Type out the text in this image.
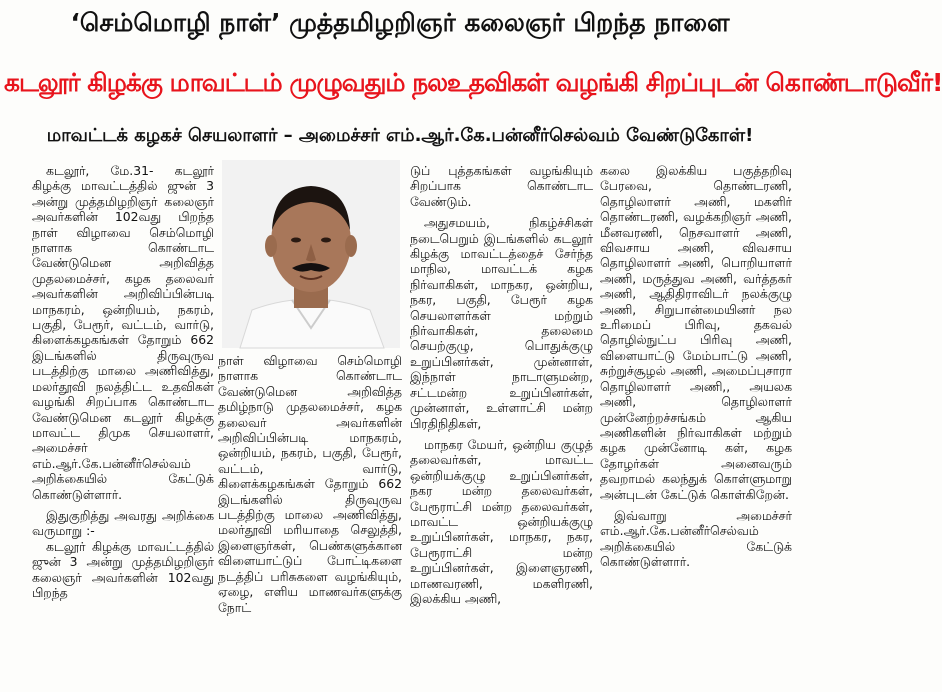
‘செம்மொழி நாள்’ முத்தமிழறிஞர் கலைஞர் பிறந்த நாளை
கடலூர் கிழக்கு மாவட்டம் முழுவதும் நலஉதவிகள் வழங்கி சிறப்புடன் கொண்டாடுவீர்!
மாவட்டக் கழகச் செயலாளர் – அமைச்சர் எம்.ஆர்.கே.பன்னீர்செல்வம் வேண்டுகோள்!

கடலூர், மே.31- கடலூர் கிழக்கு மாவட்டத்தில் ஜுன் 3 அன்று முத்தமிழறிஞர் கலைஞர் அவர்களின் 102வது பிறந்த நாள் விழாவை செம்மொழி நாளாக கொண்டாட வேண்டுமென அறிவித்த முதலமைச்சர், கழக தலைவர் அவர்களின் அறிவிப்பின்படி மாநகரம், ஒன்றியம், நகரம், பகுதி, பேரூர், வட்டம், வார்டு, கிளைக்கழகங்கள் தோறும் 662 இடங்களில் திருவுருவ படத்திற்கு மாலை அணிவித்து, மலர்தூவி நலத்திட்ட உதவிகள் வழங்கி சிறப்பாக கொண்டாட வேண்டுமென கடலூர் கிழக்கு மாவட்ட திமுக செயலாளர், அமைச்சர் எம்.ஆர்.கே.பன்னீர்செல்வம் அறிக்கையில் கேட்டுக் கொண்டுள்ளார்.

இதுகுறித்து அவரது அறிக்கை வருமாறு :-

கடலூர் கிழக்கு மாவட்டத்தில் ஜுன் 3 அன்று முத்தமிழறிஞர் கலைஞர் அவர்களின் 102வது பிறந்த

நாள் விழாவை செம்மொழி நாளாக கொண்டாட வேண்டுமென அறிவித்த தமிழ்நாடு முதலமைச்சர், கழக தலைவர் அவர்களின் அறிவிப்பின்படி மாநகரம், ஒன்றியம், நகரம், பகுதி, பேரூர், வட்டம், வார்டு, கிளைக்கழகங்கள் தோறும் 662 இடங்களில் திருவுருவ படத்திற்கு மாலை அணிவித்து, மலர்தூவி மரியாதை செலுத்தி, இளைஞர்கள், பெண்களுக்கான விளையாட்டுப் போட்டிகளை நடத்திப் பரிசுகளை வழங்கியும், ஏழை, எளிய மாணவர்களுக்கு நோட்

டுப் புத்தகங்கள் வழங்கியும் சிறப்பாக கொண்டாட வேண்டும்.

அதுசமயம், நிகழ்ச்சிகள் நடைபெறும் இடங்களில் கடலூர் கிழக்கு மாவட்டத்தைச் சேர்ந்த மாநில, மாவட்டக் கழக நிர்வாகிகள், மாநகர, ஒன்றிய, நகர, பகுதி, பேரூர் கழக செயலாளர்கள் மற்றும் நிர்வாகிகள், தலைமை செயற்குழு, பொதுக்குழு உறுப்பினர்கள், முன்னாள், இந்நாள் நாடாளுமன்ற, சட்டமன்ற உறுப்பினர்கள், முன்னாள், உள்ளாட்சி மன்ற பிரதிநிதிகள்,

மாநகர மேயர், ஒன்றிய குழுத் தலைவர்கள், மாவட்ட ஒன்றியக்குழு உறுப்பினர்கள், நகர மன்ற தலைவர்கள், பேரூராட்சி மன்ற தலைவர்கள், மாவட்ட ஒன்றியக்குழு உறுப்பினர்கள், மாநகர, நகர, பேரூராட்சி மன்ற உறுப்பினர்கள், இளைஞரணி, மாணவரணி, மகளிரணி, இலக்கிய அணி,

கலை இலக்கிய பகுத்தறிவு பேரவை, தொண்டரணி, தொழிலாளர் அணி, மகளிர் தொண்டரணி, வழக்கறிஞர் அணி, மீனவரணி, நெசவாளர் அணி, விவசாய அணி, விவசாய தொழிலாளர் அணி, பொறியாளர் அணி, மருத்துவ அணி, வர்த்தகர் அணி, ஆதிதிராவிடர் நலக்குழு அணி, சிறுபான்மையினர் நல உரிமைப் பிரிவு, தகவல் தொழில்நுட்ப பிரிவு அணி, விளையாட்டு மேம்பாட்டு அணி, சுற்றுச்சூழல் அணி, அமைப்புசாரா தொழிலாளர் அணி,, அயலக அணி, தொழிலாளர் முன்னேற்றச்சங்கம் ஆகிய அணிகளின் நிர்வாகிகள் மற்றும் கழக முன்னோடி கள், கழக தோழர்கள் அனைவரும் தவறாமல் கலந்துக் கொள்ளுமாறு அன்புடன் கேட்டுக் கொள்கிறேன்.

இவ்வாறு அமைச்சர் எம்.ஆர்.கே.பன்னீர்செல்வம் அறிக்கையில் கேட்டுக் கொண்டுள்ளார்.
